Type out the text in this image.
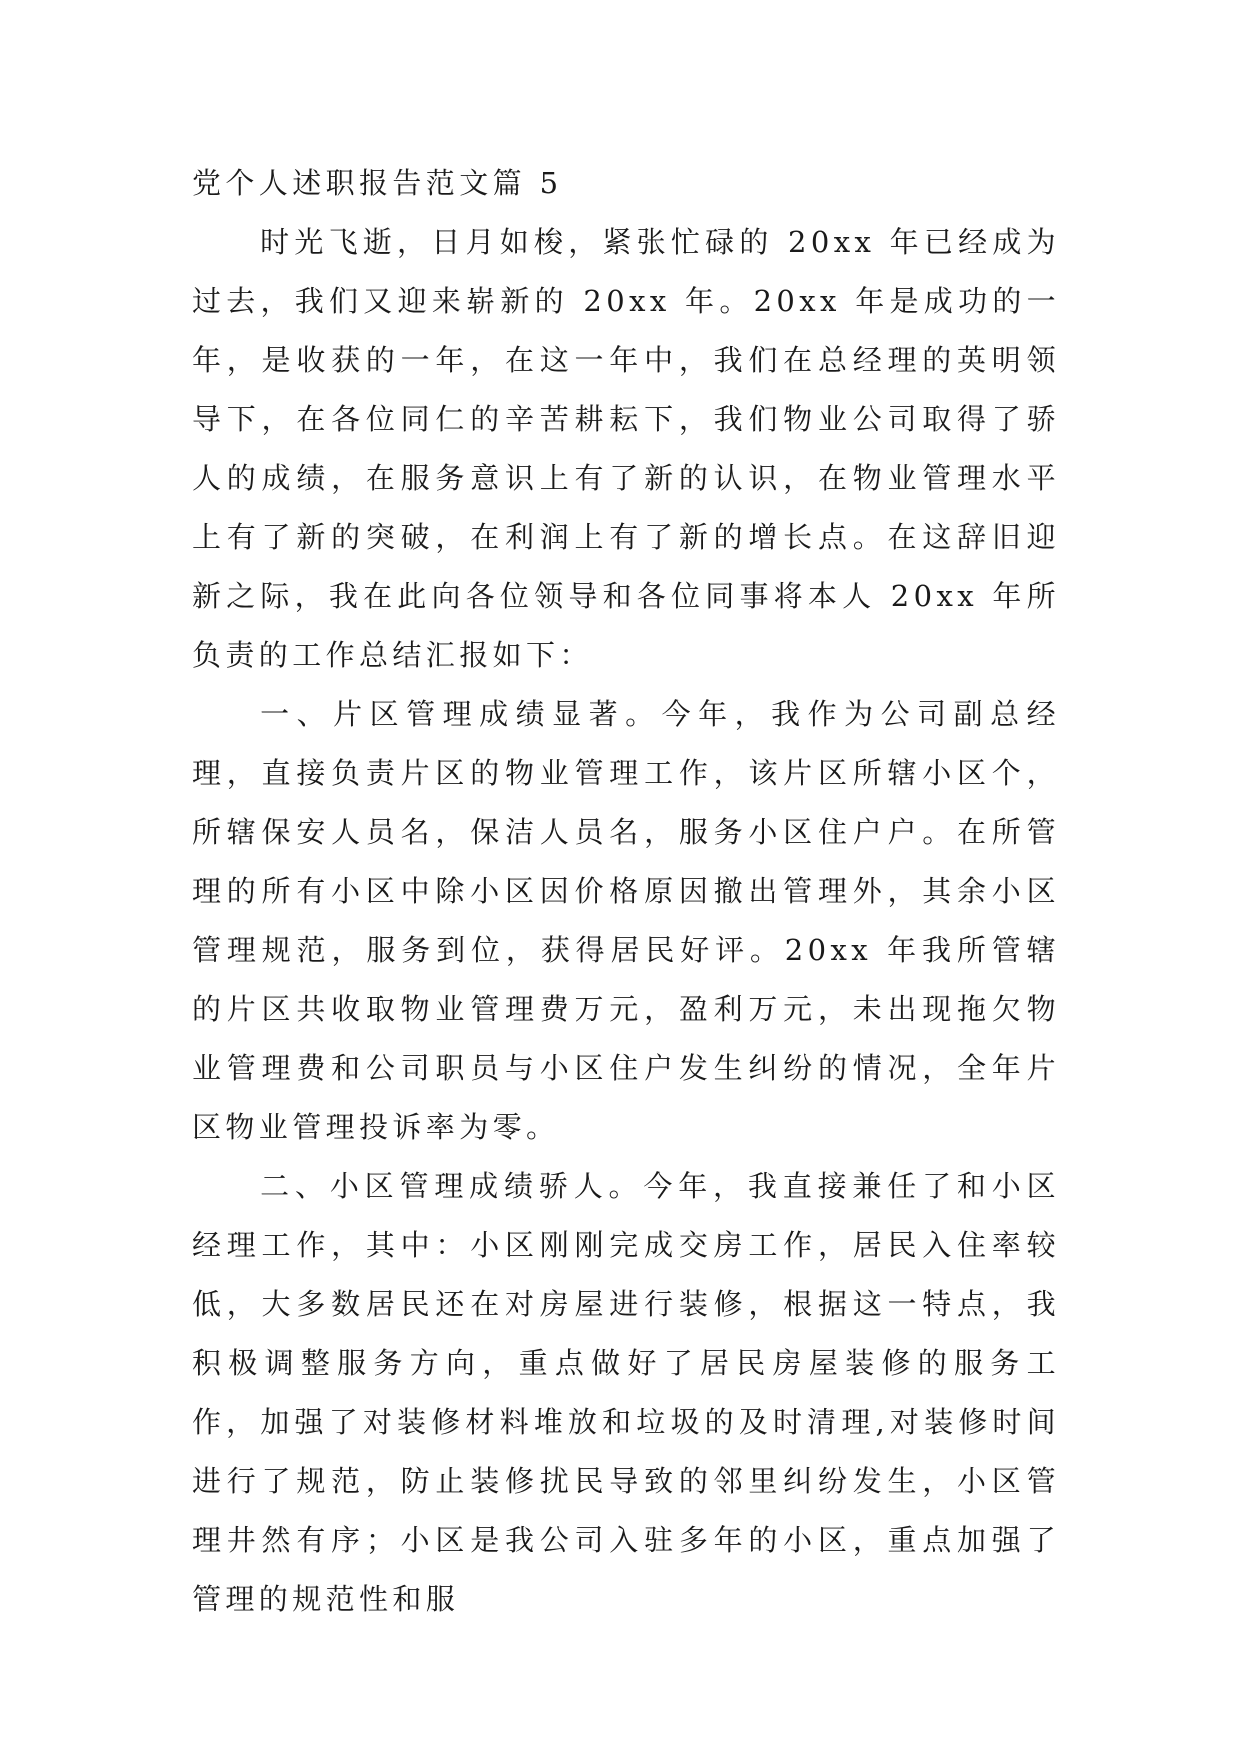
党个人述职报告范文篇 5

时光飞逝，日月如梭，紧张忙碌的 20xx 年已经成为过去，我们又迎来崭新的 20xx 年。20xx 年是成功的一年，是收获的一年，在这一年中，我们在总经理的英明领导下，在各位同仁的辛苦耕耘下，我们物业公司取得了骄人的成绩，在服务意识上有了新的认识，在物业管理水平上有了新的突破，在利润上有了新的增长点。在这辞旧迎新之际，我在此向各位领导和各位同事将本人 20xx 年所负责的工作总结汇报如下：

一、片区管理成绩显著。今年，我作为公司副总经理，直接负责片区的物业管理工作，该片区所辖小区个，所辖保安人员名，保洁人员名，服务小区住户户。在所管理的所有小区中除小区因价格原因撤出管理外，其余小区管理规范，服务到位，获得居民好评。20xx 年我所管辖的片区共收取物业管理费万元，盈利万元，未出现拖欠物业管理费和公司职员与小区住户发生纠纷的情况，全年片区物业管理投诉率为零。

二、小区管理成绩骄人。今年，我直接兼任了和小区经理工作，其中：小区刚刚完成交房工作，居民入住率较低，大多数居民还在对房屋进行装修，根据这一特点，我积极调整服务方向，重点做好了居民房屋装修的服务工作，加强了对装修材料堆放和垃圾的及时清理,对装修时间进行了规范，防止装修扰民导致的邻里纠纷发生，小区管理井然有序；小区是我公司入驻多年的小区，重点加强了管理的规范性和服
